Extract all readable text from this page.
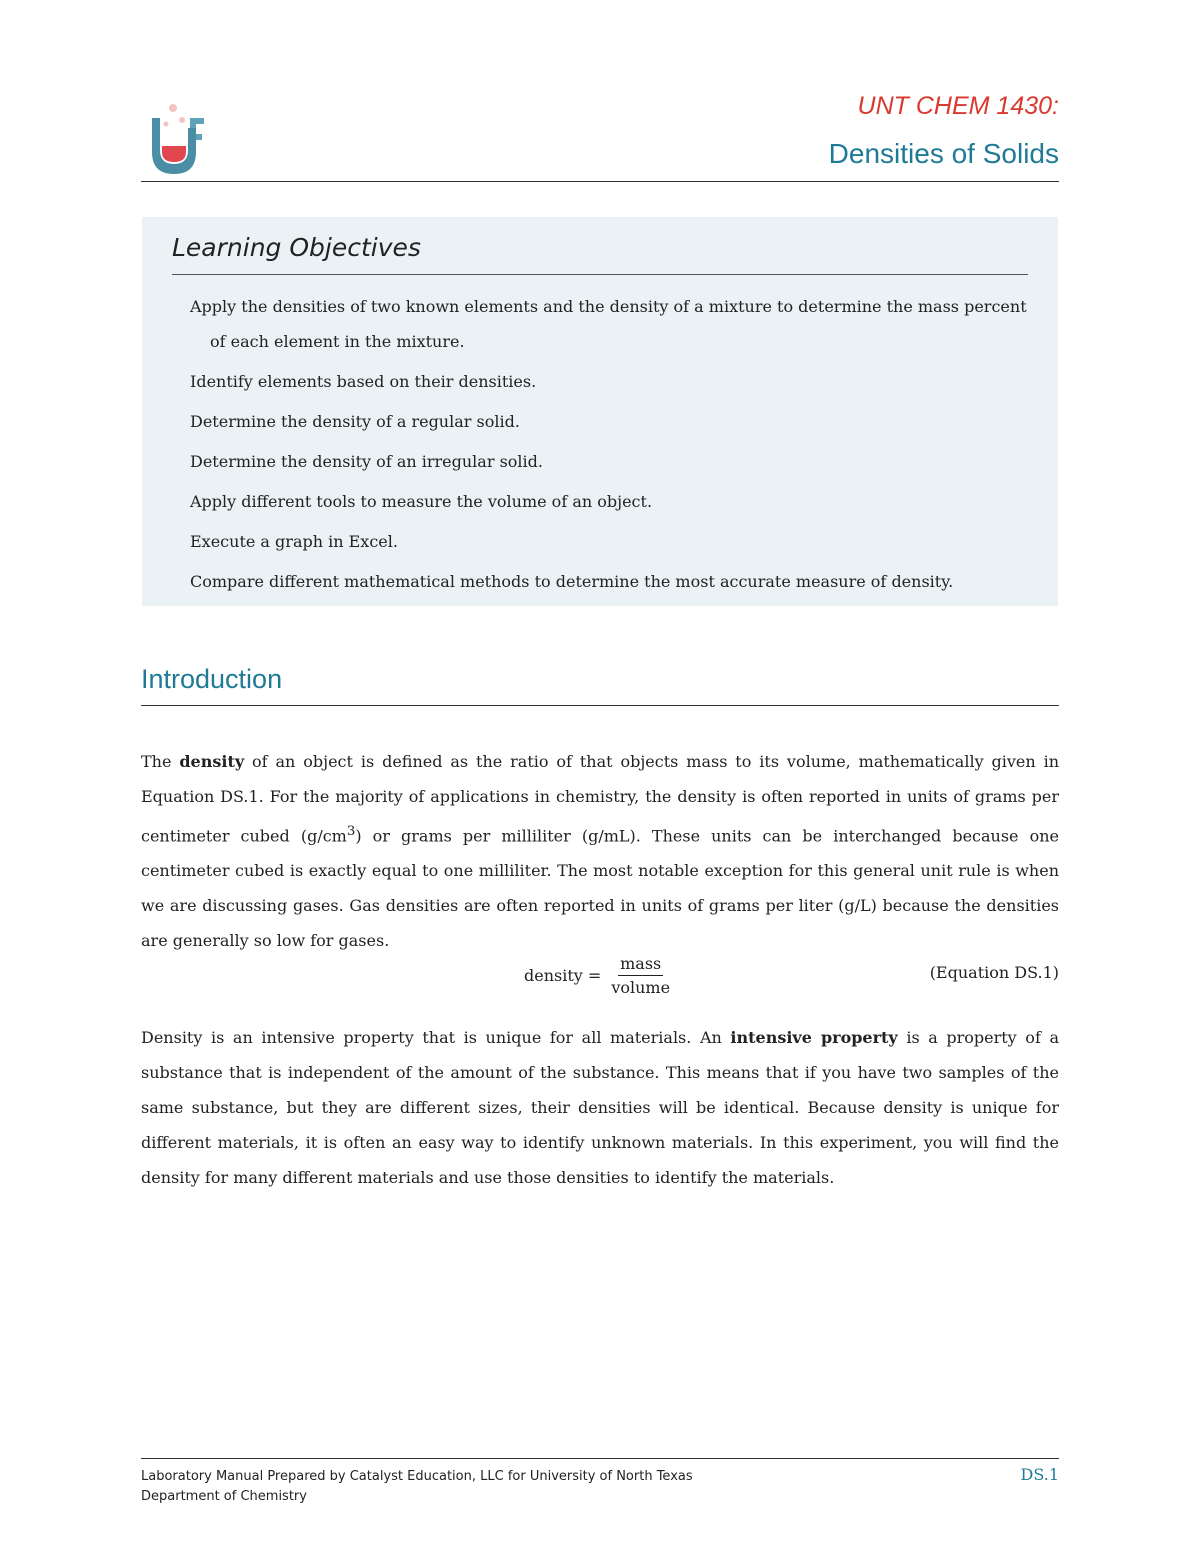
UNT CHEM 1430:
Densities of Solids
Learning Objectives
Apply the densities of two known elements and the density of a mixture to determine the mass percent of each element in the mixture.
Identify elements based on their densities.
Determine the density of a regular solid.
Determine the density of an irregular solid.
Apply different tools to measure the volume of an object.
Execute a graph in Excel.
Compare different mathematical methods to determine the most accurate measure of density.
Introduction

The density of an object is defined as the ratio of that objects mass to its volume, mathematically given in Equation DS.1. For the majority of applications in chemistry, the density is often reported in units of grams per centimeter cubed $(g/cm^3)$ or grams per milliliter (g/mL). These units can be interchanged because one centimeter cubed is exactly equal to one milliliter. The most notable exception for this general unit rule is when we are discussing gases. Gas densities are often reported in units of grams per liter (g/L) because the densities are generally so low for gases.

density = $\frac{\text{mass}}{\text{volume}}$	(Equation DS.1)

Density is an intensive property that is unique for all materials. An intensive property is a property of a substance that is independent of the amount of the substance. This means that if you have two samples of the same substance, but they are different sizes, their densities will be identical. Because density is unique for different materials, it is often an easy way to identify unknown materials. In this experiment, you will find the density for many different materials and use those densities to identify the materials.

Laboratory Manual Prepared by Catalyst Education, LLC for University of North Texas
Department of Chemistry
DS.1
